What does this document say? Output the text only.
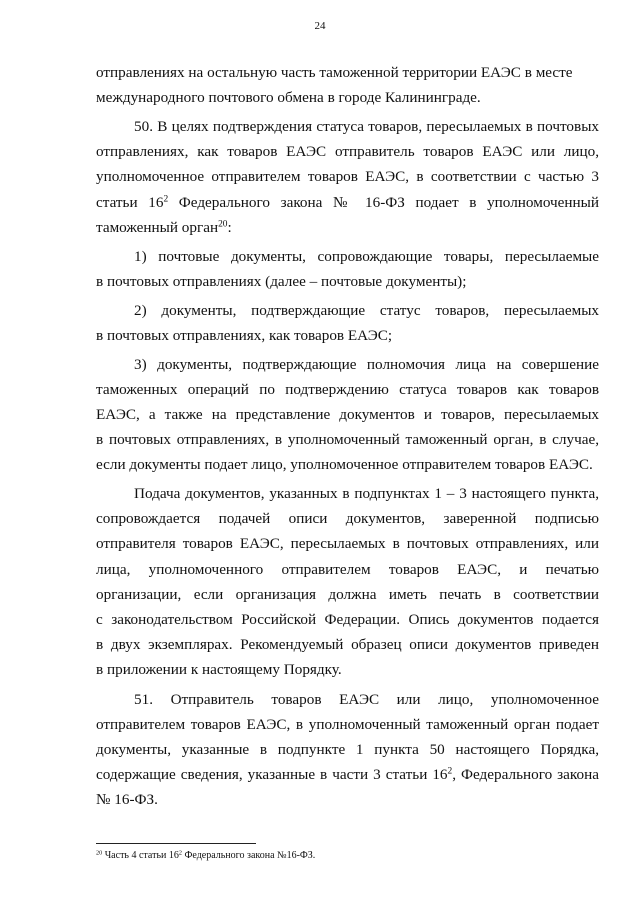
24
отправлениях на остальную часть таможенной территории ЕАЭС в месте
международного почтового обмена в городе Калининграде.
50. В целях подтверждения статуса товаров, пересылаемых в почтовых
отправлениях, как товаров ЕАЭС отправитель товаров ЕАЭС или лицо,
уполномоченное отправителем товаров ЕАЭС, в соответствии с частью 3
статьи $16^2$ Федерального закона № 16-ФЗ подает в уполномоченный
таможенный орган$^{20}$:
1) почтовые документы, сопровождающие товары, пересылаемые
в почтовых отправлениях (далее – почтовые документы);
2) документы, подтверждающие статус товаров, пересылаемых
в почтовых отправлениях, как товаров ЕАЭС;
3) документы, подтверждающие полномочия лица на совершение
таможенных операций по подтверждению статуса товаров как товаров
ЕАЭС, а также на представление документов и товаров, пересылаемых
в почтовых отправлениях, в уполномоченный таможенный орган, в случае,
если документы подает лицо, уполномоченное отправителем товаров ЕАЭС.
Подача документов, указанных в подпунктах 1 – 3 настоящего пункта,
сопровождается подачей описи документов, заверенной подписью
отправителя товаров ЕАЭС, пересылаемых в почтовых отправлениях, или
лица, уполномоченного отправителем товаров ЕАЭС, и печатью
организации, если организация должна иметь печать в соответствии
с законодательством Российской Федерации. Опись документов подается
в двух экземплярах. Рекомендуемый образец описи документов приведен
в приложении к настоящему Порядку.
51. Отправитель товаров ЕАЭС или лицо, уполномоченное
отправителем товаров ЕАЭС, в уполномоченный таможенный орган подает
документы, указанные в подпункте 1 пункта 50 настоящего Порядка,
содержащие сведения, указанные в части 3 статьи $16^2$, Федерального закона
№ 16-ФЗ.
$^{20}$ Часть 4 статьи $16^2$ Федерального закона №16-ФЗ.
